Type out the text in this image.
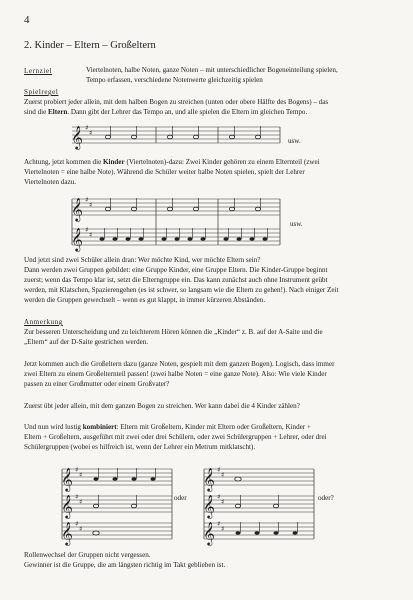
4
2. Kinder – Eltern – Großeltern
Lernziel	Viertelnoten, halbe Noten, ganze Noten – mit unterschiedlicher Bogeneinteilung spielen,
Tempo erfassen, verschiedene Notenwerte gleichzeitig spielen
Spielregel
Zuerst probiert jeder allein, mit dem halben Bogen zu streichen (unten oder obere Hälfte des Bogens) – das
sind die Eltern. Dann gibt der Lehrer das Tempo an, und alle spielen die Eltern im gleichen Tempo.
𝄞 ♯
♯
usw.
Achtung, jetzt kommen die Kinder (Viertelnoten)-dazu: Zwei Kinder gehören zu einem Elternteil (zwei
Viertelnoten = eine halbe Note). Während die Schüler weiter halbe Noten spielen, spielt der Lehrer
Viertelnoten dazu.
𝄞
𝄞
♯
♯
♯
♯
usw.
Und jetzt sind zwei Schüler allein dran: Wer möchte Kind, wer möchte Eltern sein?
Dann werden zwei Gruppen gebildet: eine Gruppe Kinder, eine Gruppe Eltern. Die Kinder-Gruppe beginnt
zuerst; wenn das Tempo klar ist, setzt die Elterngruppe ein. Das kann zunächst auch ohne Instrument geübt
werden, mit Klatschen, Spazierengehen (es ist schwer, so langsam wie die Eltern zu gehen!). Nach einiger Zeit
werden die Gruppen gewechselt – wenn es gut klappt, in immer kürzeren Abständen.
Anmerkung
Zur besseren Unterscheidung und zu leichterem Hören können die „Kinder“ z. B. auf der A-Saite und die
„Eltern“ auf der D-Saite gestrichen werden.
Jetzt kommen auch die Großeltern dazu (ganze Noten, gespielt mit dem ganzen Bogen). Logisch, dass immer
zwei Eltern zu einem Großelternteil passen! (zwei halbe Noten = eine ganze Note). Also: Wie viele Kinder
passen zu einer Großmutter oder einem Großvater?
Zuerst übt jeder allein, mit dem ganzen Bogen zu streichen. Wer kann dabei die 4 Kinder zählen?
Und nun wird lustig kombiniert: Eltern mit Großeltern, Kinder mit Eltern oder Großeltern, Kinder +
Eltern + Großeltern, ausgeführt mit zwei oder drei Schülern, oder zwei Schülergruppen + Lehrer, oder drei
Schülergruppen (wobei es hilfreich ist, wenn der Lehrer ein Metrum mitklatscht).
𝄞
𝄞
𝄞
♯
♯
♯
♯
♯
♯
oder
𝄞
𝄞
𝄞
♯
♯
♯
♯
♯
♯
oder?
Rollenwechsel der Gruppen nicht vergessen.
Gewinner ist die Gruppe, die am längsten richtig im Takt geblieben ist.
